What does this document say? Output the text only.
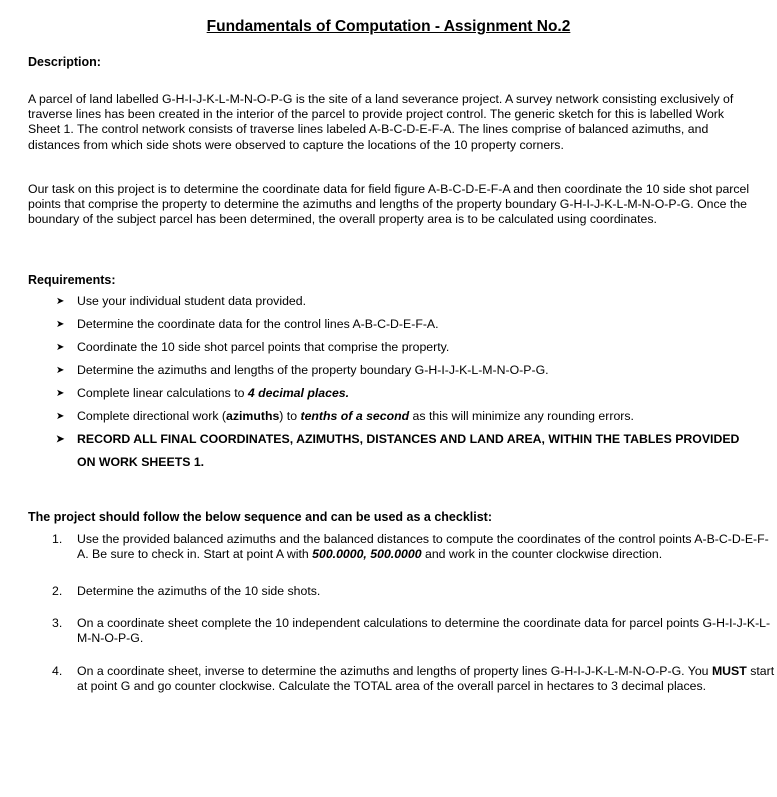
Fundamentals of Computation - Assignment No.2
Description:

A parcel of land labelled G-H-I-J-K-L-M-N-O-P-G is the site of a land severance project. A survey network consisting exclusively of traverse lines has been created in the interior of the parcel to provide project control. The generic sketch for this is labelled Work Sheet 1. The control network consists of traverse lines labeled A-B-C-D-E-F-A. The lines comprise of balanced azimuths, and distances from which side shots were observed to capture the locations of the 10 property corners.

Our task on this project is to determine the coordinate data for field figure A-B-C-D-E-F-A and then coordinate the 10 side shot parcel points that comprise the property to determine the azimuths and lengths of the property boundary G-H-I-J-K-L-M-N-O-P-G. Once the boundary of the subject parcel has been determined, the overall property area is to be calculated using coordinates.

Requirements:
➤ Use your individual student data provided.
➤ Determine the coordinate data for the control lines A-B-C-D-E-F-A.
➤ Coordinate the 10 side shot parcel points that comprise the property.
➤ Determine the azimuths and lengths of the property boundary G-H-I-J-K-L-M-N-O-P-G.
➤ Complete linear calculations to 4 decimal places.
➤ Complete directional work (azimuths) to tenths of a second as this will minimize any rounding errors.
➤ RECORD ALL FINAL COORDINATES, AZIMUTHS, DISTANCES AND LAND AREA, WITHIN THE TABLES PROVIDED ON WORK SHEETS 1.
The project should follow the below sequence and can be used as a checklist:
1. Use the provided balanced azimuths and the balanced distances to compute the coordinates of the control points A-B-C-D-E-F-A. Be sure to check in. Start at point A with 500.0000, 500.0000 and work in the counter clockwise direction.
2. Determine the azimuths of the 10 side shots.
3. On a coordinate sheet complete the 10 independent calculations to determine the coordinate data for parcel points G-H-I-J-K-L-M-N-O-P-G.
4. On a coordinate sheet, inverse to determine the azimuths and lengths of property lines G-H-I-J-K-L-M-N-O-P-G. You MUST start at point G and go counter clockwise. Calculate the TOTAL area of the overall parcel in hectares to 3 decimal places.
